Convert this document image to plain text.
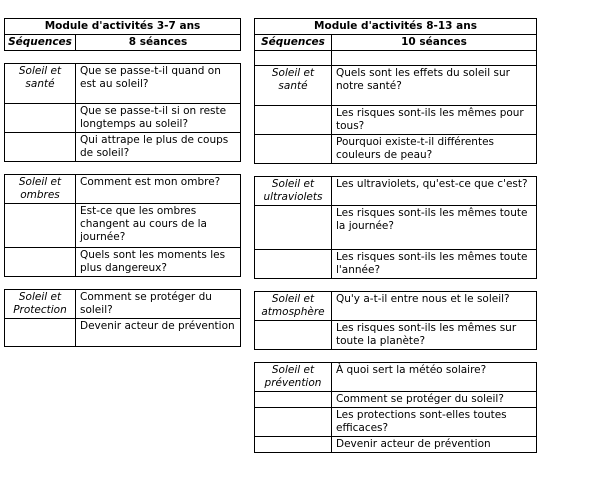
Module d'activités 3-7 ans	
Séquences	8 séances

Soleil et santé	Que se passe-t-il quand on est au soleil?
	Que se passe-t-il si on reste longtemps au soleil?
	Qui attrape le plus de coups de soleil?

Soleil et ombres	Comment est mon ombre?
	Est-ce que les ombres changent au cours de la journée?
	Quels sont les moments les plus dangereux?

Soleil et Protection	Comment se protéger du soleil?
	Devenir acteur de prévention
Module d'activités 8-13 ans	
Séquences	10 séances

Soleil et santé	Quels sont les effets du soleil sur notre santé?
	Les risques sont-ils les mêmes pour tous?
	Pourquoi existe-t-il différentes couleurs de peau?

Soleil et ultraviolets	Les ultraviolets, qu'est-ce que c'est?
	Les risques sont-ils les mêmes toute la journée?
	Les risques sont-ils les mêmes toute l'année?

Soleil et atmosphère	Qu'y a-t-il entre nous et le soleil?
	Les risques sont-ils les mêmes sur toute la planète?

Soleil et prévention	À quoi sert la météo solaire?
	Comment se protéger du soleil?
	Les protections sont-elles toutes efficaces?
	Devenir acteur de prévention
